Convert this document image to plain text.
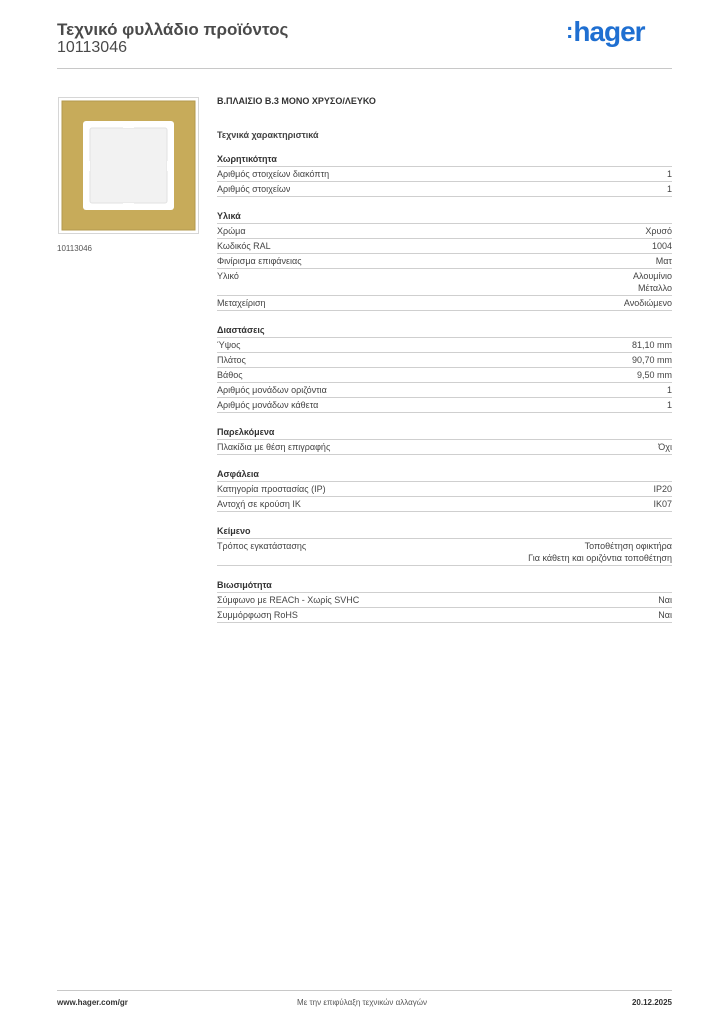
Τεχνικό φυλλάδιο προϊόντος
10113046
:hager
10113046
Β.ΠΛΑΙΣΙΟ Β.3 ΜΟΝΟ ΧΡΥΣΟ/ΛΕΥΚΟ
Τεχνικά χαρακτηριστικά
Χωρητικότητα
Αριθμός στοιχείων διακόπτη	1
Αριθμός στοιχείων	1
Υλικά
Χρώμα	Χρυσό
Κωδικός RAL	1004
Φινίρισμα επιφάνειας	Ματ
Υλικό	Αλουμίνιο
Μέταλλο
Μεταχείριση	Ανοδιώμενο
Διαστάσεις
Ύψος	81,10 mm
Πλάτος	90,70 mm
Βάθος	9,50 mm
Αριθμός μονάδων οριζόντια	1
Αριθμός μονάδων κάθετα	1
Παρελκόμενα
Πλακίδια με θέση επιγραφής	Όχι
Ασφάλεια
Κατηγορία προστασίας (IP)	IP20
Αντοχή σε κρούση IK	IK07
Κείμενο
Τρόπος εγκατάστασης	Τοποθέτηση οφικτήρα
Για κάθετη και οριζόντια τοποθέτηση
Βιωσιμότητα
Σύμφωνο με REACh - Χωρίς SVHC	Ναι
Συμμόρφωση RoHS	Ναι
www.hager.com/gr	Με την επιφύλαξη τεχνικών αλλαγών	20.12.2025
